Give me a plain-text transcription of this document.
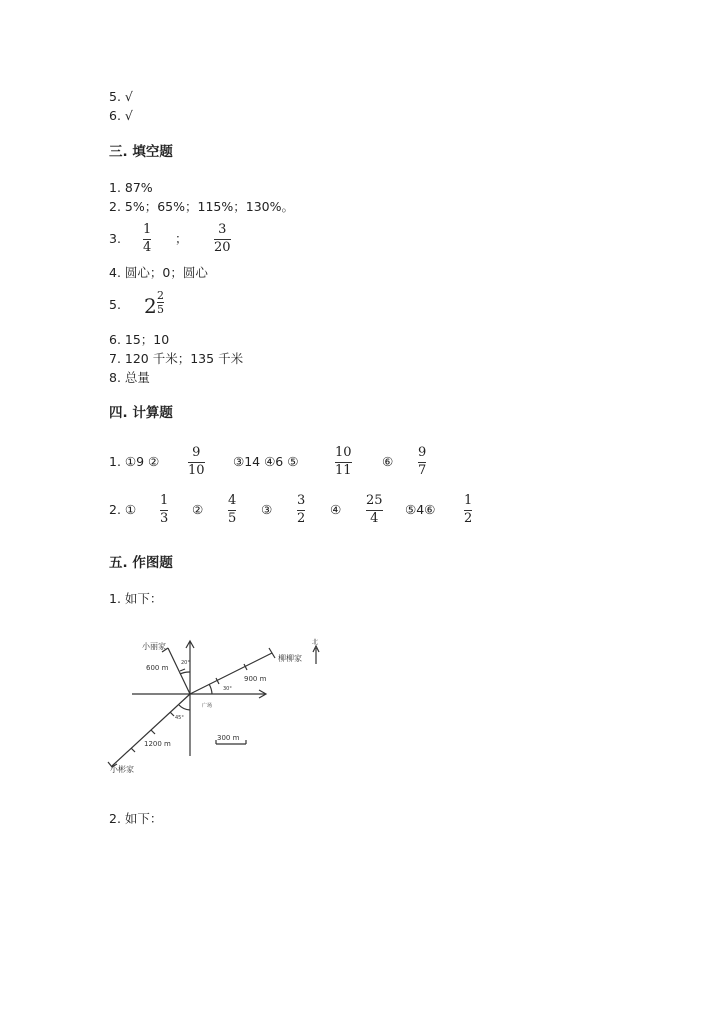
5. √
6. √
三. 填空题
1. 87%
2. 5%；65%；115%；130%。
3.
1
4
；
3
20
4. 圆心；0；圆心
5. 2 2
5
6. 15；10
7. 120 千米；135 千米
8. 总量
四. 计算题
1. ①9 ②
9
10
③14 ④6 ⑤
10
11
⑥
9
7
2. ①
1
3
②
4
5
③
3
2
④
25
4
⑤4⑥
1
2
五. 作图题
1. 如下：
小丽家
柳柳家
小彬家
北
广场
600 m
900 m
1200 m
300 m
20°
30°
45°
2. 如下：
